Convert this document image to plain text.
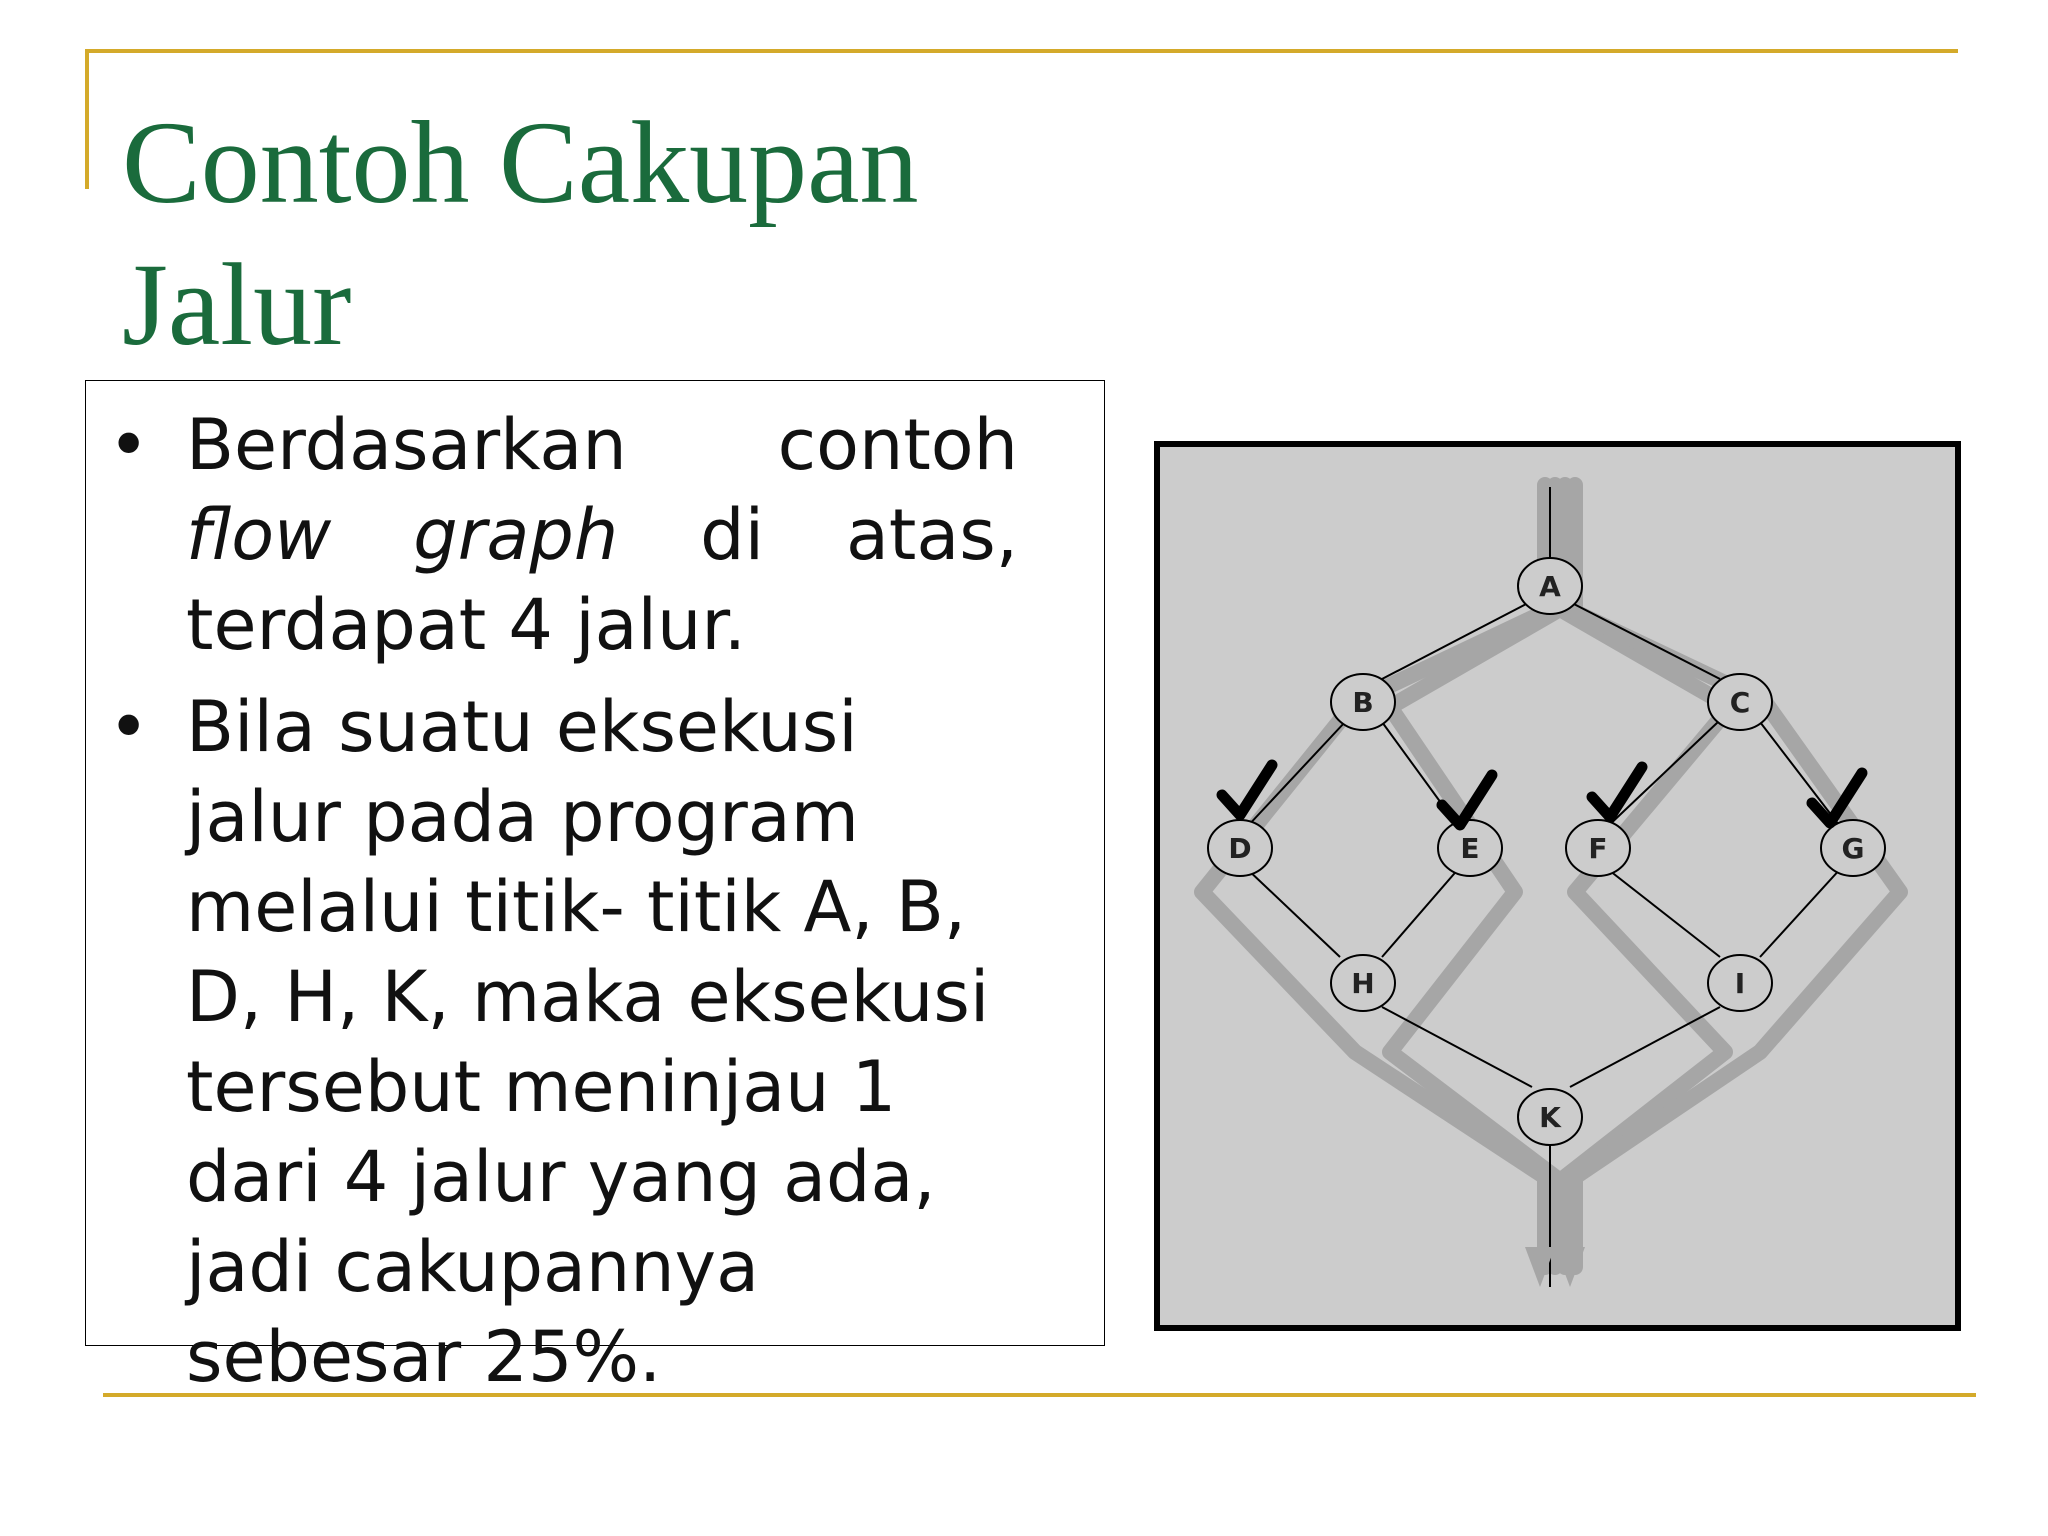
Contoh Cakupan
Jalur
• Berdasarkan contoh flow graph di atas, terdapat 4 jalur.
• Bila suatu eksekusi jalur pada program melalui titik- titik A, B, D, H, K, maka eksekusi tersebut meninjau 1 dari 4 jalur yang ada, jadi cakupannya sebesar 25%.
A
B	C
D	E	F	G
H	I
K
